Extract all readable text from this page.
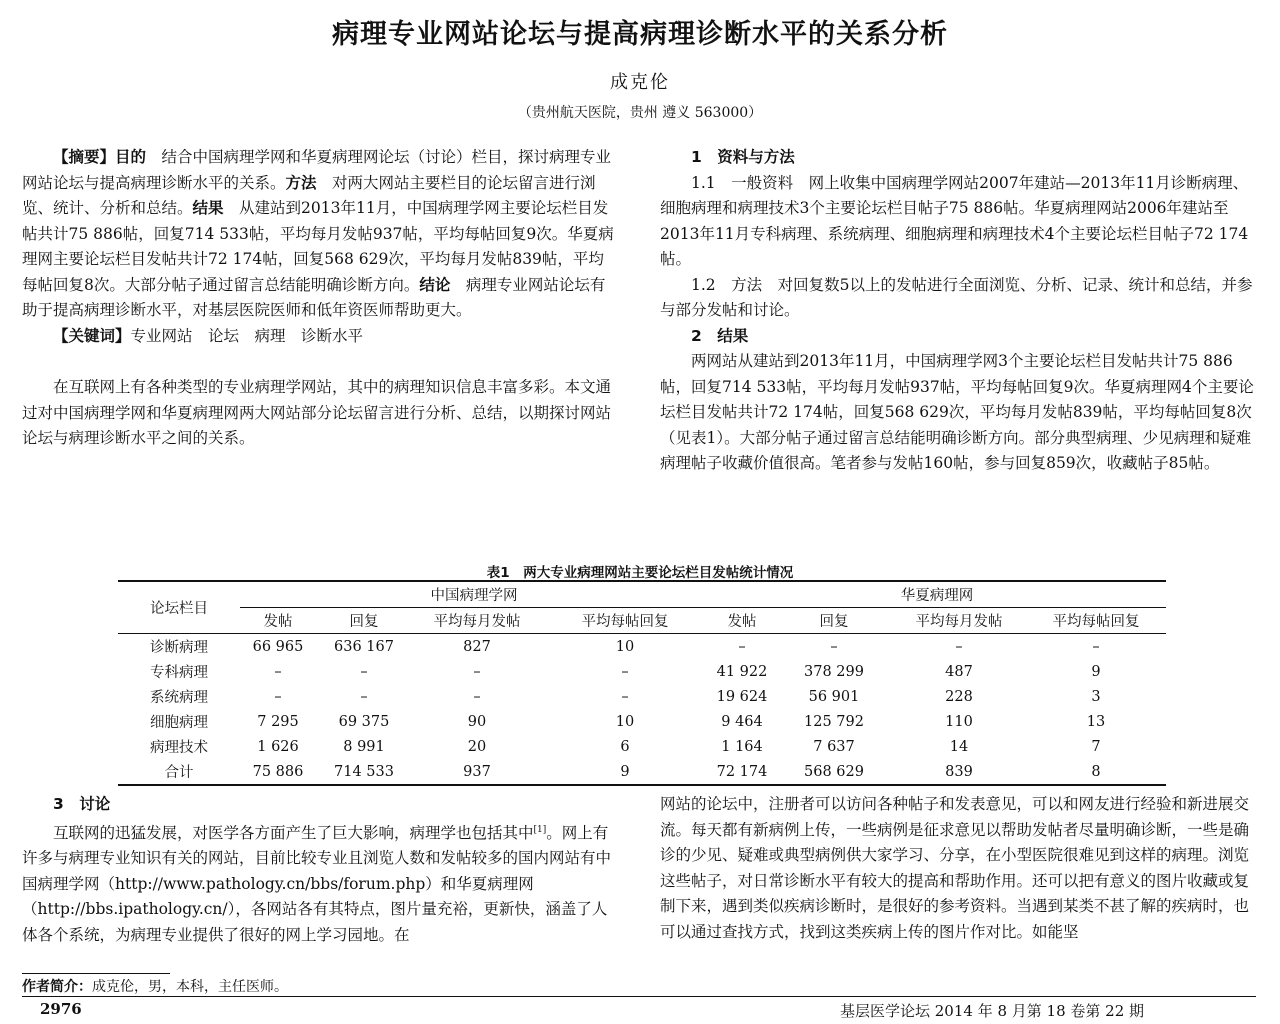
病理专业网站论坛与提高病理诊断水平的关系分析
成克伦
（贵州航天医院，贵州 遵义 563000）

【摘要】目的　 结合中国病理学网和华夏病理网论坛（讨论）栏目，探讨病理专业网站论坛与提高病理诊断水平的关系。方法　 对两大网站主要栏目的论坛留言进行浏览、统计、分析和总结。结果　 从建站到2013年11月，中国病理学网主要论坛栏目发帖共计75 886帖，回复714 533帖，平均每月发帖937帖，平均每帖回复9次。华夏病理网主要论坛栏目发帖共计72 174帖，回复568 629次，平均每月发帖839帖，平均每帖回复8次。大部分帖子通过留言总结能明确诊断方向。结论　 病理专业网站论坛有助于提高病理诊断水平，对基层医院医师和低年资医师帮助更大。

【关键词】专业网站　论坛　病理　诊断水平

在互联网上有各种类型的专业病理学网站，其中的病理知识信息丰富多彩。本文通过对中国病理学网和华夏病理网两大网站部分论坛留言进行分析、总结，以期探讨网站论坛与病理诊断水平之间的关系。

1　资料与方法

1.1　一般资料　 网上收集中国病理学网站2007年建站—2013年11月诊断病理、细胞病理和病理技术3个主要论坛栏目帖子75 886帖。华夏病理网站2006年建站至2013年11月专科病理、系统病理、细胞病理和病理技术4个主要论坛栏目帖子72 174帖。

1.2　方法　 对回复数5以上的发帖进行全面浏览、分析、记录、统计和总结，并参与部分发帖和讨论。

2　结果

两网站从建站到2013年11月，中国病理学网3个主要论坛栏目发帖共计75 886帖，回复714 533帖，平均每月发帖937帖，平均每帖回复9次。华夏病理网4个主要论坛栏目发帖共计72 174帖，回复568 629次，平均每月发帖839帖，平均每帖回复8次（见表1）。大部分帖子通过留言总结能明确诊断方向。部分典型病理、少见病理和疑难病理帖子收藏价值很高。笔者参与发帖160帖，参与回复859次，收藏帖子85帖。

表1　两大专业病理网站主要论坛栏目发帖统计情况
论坛栏目	中国病理学网				华夏病理网			
	发帖	回复	平均每月发帖	平均每帖回复	发帖	回复	平均每月发帖	平均每帖回复
诊断病理	66 965	636 167	827	10	–	–	–	–
专科病理	–	–	–	–	41 922	378 299	487	9
系统病理	–	–	–	–	19 624	56 901	228	3
细胞病理	7 295	69 375	90	10	9 464	125 792	110	13
病理技术	1 626	8 991	20	6	1 164	7 637	14	7
合计	75 886	714 533	937	9	72 174	568 629	839	8

3　讨论

互联网的迅猛发展，对医学各方面产生了巨大影响，病理学也包括其中[1]。网上有许多与病理专业知识有关的网站，目前比较专业且浏览人数和发帖较多的国内网站有中国病理学网（http://www.pathology.cn/bbs/forum.php）和华夏病理网（http://bbs.ipathology.cn/），各网站各有其特点，图片量充裕，更新快，涵盖了人体各个系统，为病理专业提供了很好的网上学习园地。在

网站的论坛中，注册者可以访问各种帖子和发表意见，可以和网友进行经验和新进展交流。每天都有新病例上传，一些病例是征求意见以帮助发帖者尽量明确诊断，一些是确诊的少见、疑难或典型病例供大家学习、分享，在小型医院很难见到这样的病理。浏览这些帖子，对日常诊断水平有较大的提高和帮助作用。还可以把有意义的图片收藏或复制下来，遇到类似疾病诊断时，是很好的参考资料。当遇到某类不甚了解的疾病时，也可以通过查找方式，找到这类疾病上传的图片作对比。如能坚

作者简介：成克伦，男，本科，主任医师。
2976	基层医学论坛 2014 年 8 月第 18 卷第 22 期
